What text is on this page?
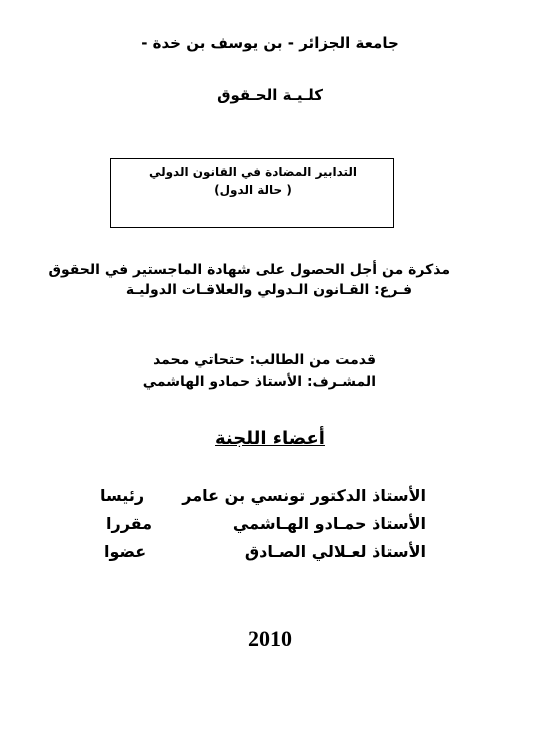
جامعة الجزائر - بن يوسف بن خدة -
كلـيـة الحـقوق
التدابير المضادة في القانون الدولي
( حالة الدول)
مذكرة من أجل الحصول على شهادة الماجستير في الحقوق
فـرع: القـانون الـدولي والعلاقـات الدوليـة
قدمت من الطالب: حتحاتي محمد
المشـرف: الأستاذ حمادو الهاشمي
أعضاء اللجنة
الأستاذ الدكتور تونسي بن عامر
رئيسا
الأستاذ حمـادو الهـاشمي
مقررا
الأستاذ لعـلالي الصـادق
عضوا
2010
